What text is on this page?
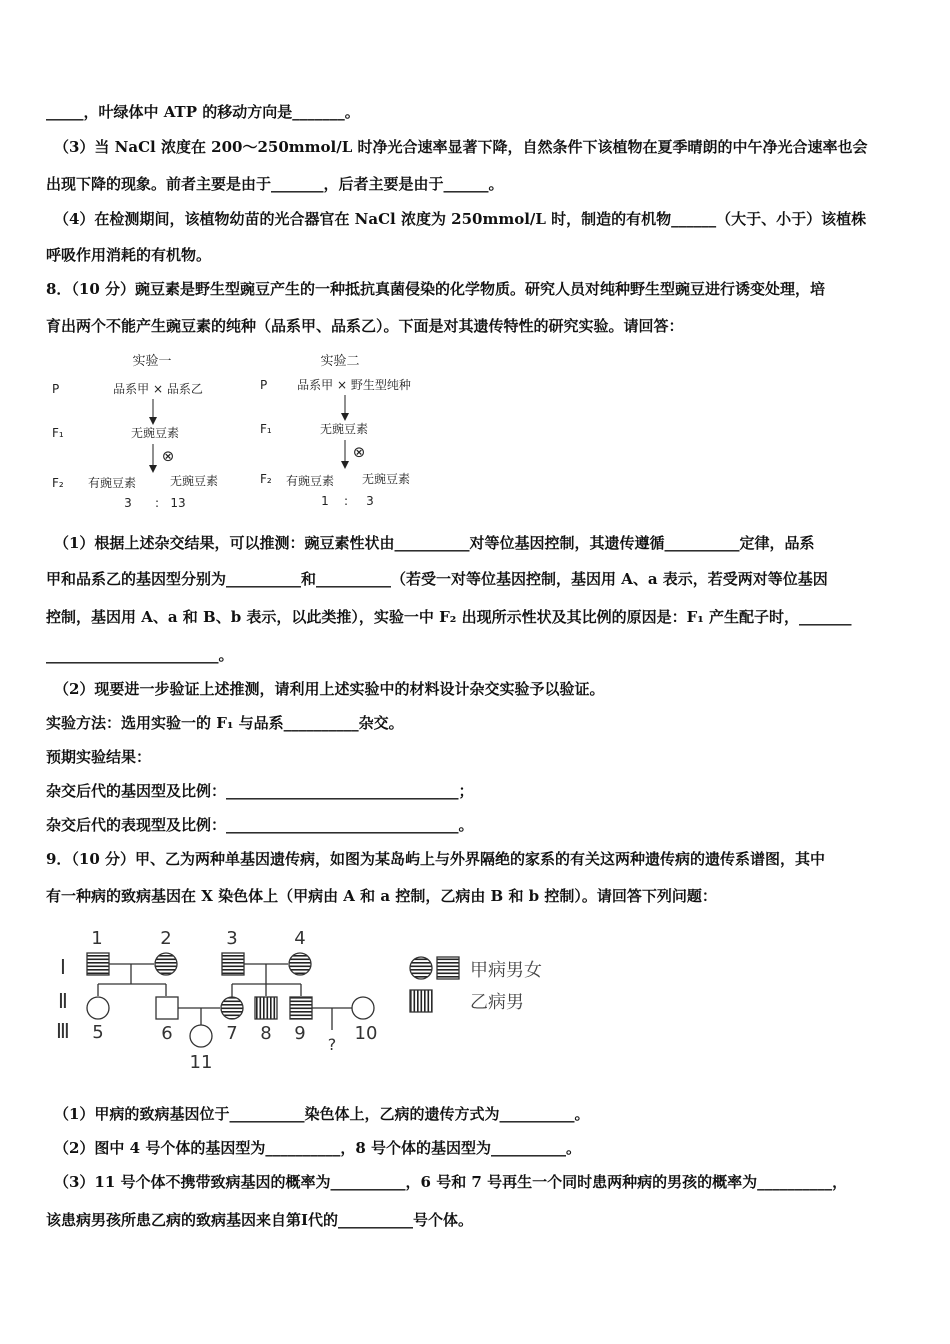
_____，叶绿体中 ATP 的移动方向是_______。
（3）当 NaCl 浓度在 200～250mmol/L 时净光合速率显著下降，自然条件下该植物在夏季晴朗的中午净光合速率也会
出现下降的现象。前者主要是由于_______，后者主要是由于______。
（4）在检测期间，该植物幼苗的光合器官在 NaCl 浓度为 250mmol/L 时，制造的有机物______（大于、小于）该植株
呼吸作用消耗的有机物。
8．（10 分）豌豆素是野生型豌豆产生的一种抵抗真菌侵染的化学物质。研究人员对纯种野生型豌豆进行诱变处理，培
育出两个不能产生豌豆素的纯种（品系甲、品系乙）。下面是对其遗传特性的研究实验。请回答：
实验一	实验二
P
F₁
F₂
P
F₁
F₂
品系甲 × 品系乙
无豌豆素
⊗
有豌豆素	无豌豆素
3 : 13
品系甲 × 野生型纯种
无豌豆素
⊗
有豌豆素 无豌豆素
1 : 3
（1）根据上述杂交结果，可以推测：豌豆素性状由__________对等位基因控制，其遗传遵循__________定律，品系
甲和品系乙的基因型分别为__________和__________（若受一对等位基因控制，基因用 A、a 表示，若受两对等位基因
控制，基因用 A、a 和 B、b 表示，以此类推），实验一中 F₂ 出现所示性状及其比例的原因是：F₁ 产生配子时，_______
_______________________。
（2）现要进一步验证上述推测，请利用上述实验中的材料设计杂交实验予以验证。
实验方法：选用实验一的 F₁ 与品系__________杂交。
预期实验结果：
杂交后代的基因型及比例：_______________________________；
杂交后代的表现型及比例：_______________________________。
9．（10 分）甲、乙为两种单基因遗传病，如图为某岛屿上与外界隔绝的家系的有关这两种遗传病的遗传系谱图，其中
有一种病的致病基因在 X 染色体上（甲病由 A 和 a 控制，乙病由 B 和 b 控制）。请回答下列问题：
Ⅰ
Ⅱ
Ⅲ
1	2	3	4
5	6	7 8 9	10
11
?
甲病男女
乙病男
（1）甲病的致病基因位于__________染色体上，乙病的遗传方式为__________。
（2）图中 4 号个体的基因型为__________，8 号个体的基因型为__________。
（3）11 号个体不携带致病基因的概率为__________，6 号和 7 号再生一个同时患两种病的男孩的概率为__________，
该患病男孩所患乙病的致病基因来自第Ⅰ代的__________号个体。
